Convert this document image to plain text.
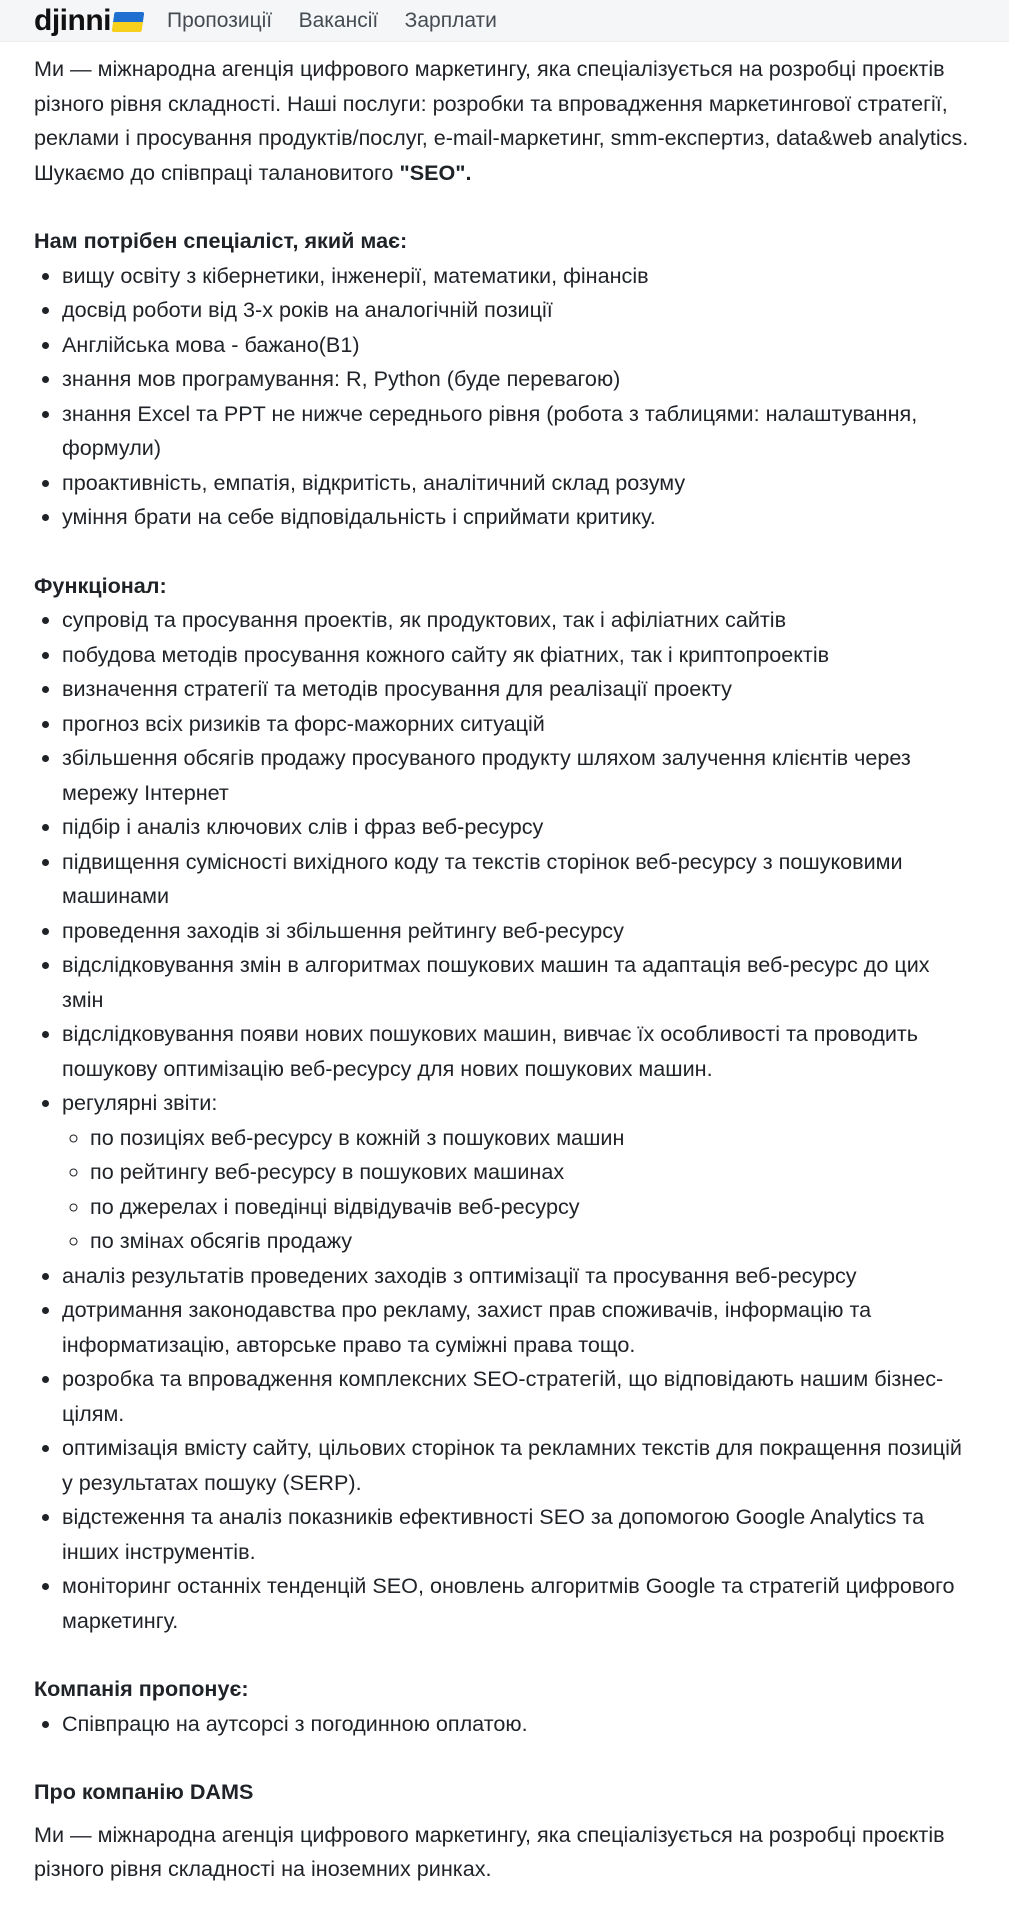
djinni	Пропозиції Вакансії Зарплати

Ми — міжнародна агенція цифрового маркетингу, яка спеціалізується на розробці проєктів різного рівня складності. Наші послуги: розробки та впровадження маркетингової стратегії, реклами і просування продуктів/послуг, e-mail-маркетинг, smm-експертиз, data&web analytics.

Шукаємо до співпраці талановитого "SEO".

Нам потрібен спеціаліст, який має:

• вищу освіту з кібернетики, інженерії, математики, фінансів
• досвід роботи від 3-х років на аналогічній позиції
• Англійська мова - бажано(B1)
• знання мов програмування: R, Python (буде перевагою)
• знання Excel та PPT не нижче середнього рівня (робота з таблицями: налаштування, формули)
• проактивність, емпатія, відкритість, аналітичний склад розуму
• уміння брати на себе відповідальність і сприймати критику.

Функціонал:

• супровід та просування проектів, як продуктових, так і афіліатних сайтів
• побудова методів просування кожного сайту як фіатних, так і криптопроектів
• визначення стратегії та методів просування для реалізації проекту
• прогноз всіх ризиків та форс-мажорних ситуацій
• збільшення обсягів продажу просуваного продукту шляхом залучення клієнтів через мережу Інтернет
• підбір і аналіз ключових слів і фраз веб-ресурсу
• підвищення сумісності вихідного коду та текстів сторінок веб-ресурсу з пошуковими машинами
• проведення заходів зі збільшення рейтингу веб-ресурсу
• відслідковування змін в алгоритмах пошукових машин та адаптація веб-ресурс до цих змін
• відслідковування появи нових пошукових машин, вивчає їх особливості та проводить пошукову оптимізацію веб-ресурсу для нових пошукових машин.
• регулярні звіти:
◦ по позиціях веб-ресурсу в кожній з пошукових машин
◦ по рейтингу веб-ресурсу в пошукових машинах
◦ по джерелах і поведінці відвідувачів веб-ресурсу
◦ по змінах обсягів продажу
• аналіз результатів проведених заходів з оптимізації та просування веб-ресурсу
• дотримання законодавства про рекламу, захист прав споживачів, інформацію та інформатизацію, авторське право та суміжні права тощо.
• розробка та впровадження комплексних SEO-стратегій, що відповідають нашим бізнес-цілям.
• оптимізація вмісту сайту, цільових сторінок та рекламних текстів для покращення позицій у результатах пошуку (SERP).
• відстеження та аналіз показників ефективності SEO за допомогою Google Analytics та інших інструментів.
• моніторинг останніх тенденцій SEO, оновлень алгоритмів Google та стратегій цифрового маркетингу.

Компанія пропонує:

• Співпрацю на аутсорсі з погодинною оплатою.

Про компанію DAMS

Ми — міжнародна агенція цифрового маркетингу, яка спеціалізується на розробці проєктів різного рівня складності на іноземних ринках.
